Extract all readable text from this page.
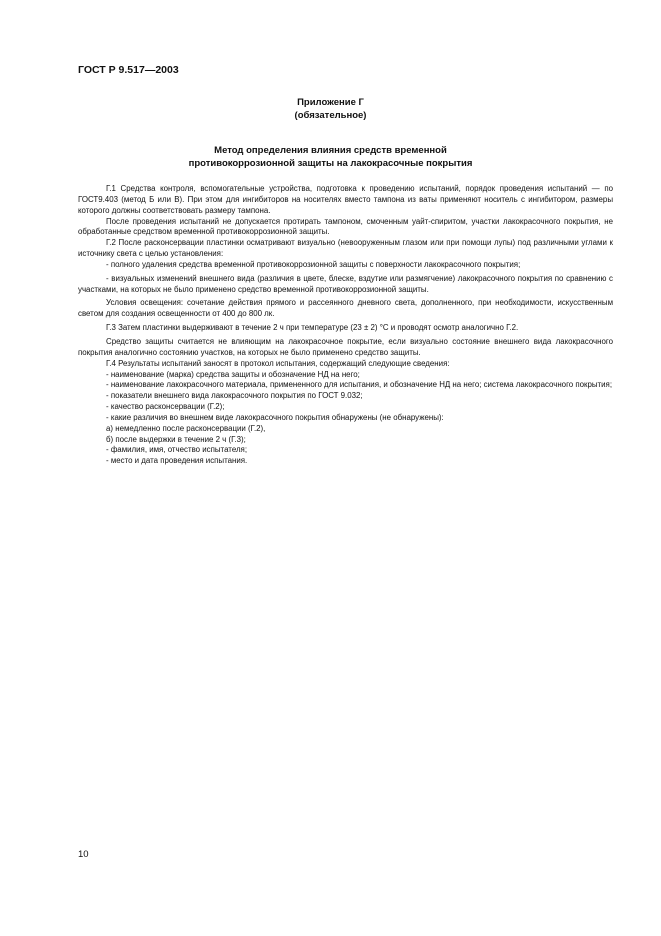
ГОСТ Р 9.517—2003
Приложение Г
(обязательное)
Метод определения влияния средств временной
противокоррозионной защиты на лакокрасочные покрытия

Г.1 Средства контроля, вспомогательные устройства, подготовка к проведению испытаний, порядок проведения испытаний — по ГОСТ9.403 (метод Б или В). При этом для ингибиторов на носителях вместо тампона из ваты применяют носитель с ингибитором, размеры которого должны соответствовать размеру тампона.

После проведения испытаний не допускается протирать тампоном, смоченным уайт-спиритом, участки лакокрасочного покрытия, не обработанные средством временной противокоррозионной защиты.

Г.2 После расконсервации пластинки осматривают визуально (невооруженным глазом или при помощи лупы) под различными углами к источнику света с целью установления:

- полного удаления средства временной противокоррозионной защиты с поверхности лакокрасочного покрытия;

- визуальных изменений внешнего вида (различия в цвете, блеске, вздутие или размягчение) лакокрасочного покрытия по сравнению с участками, на которых не было применено средство временной противокоррозионной защиты.

Условия освещения: сочетание действия прямого и рассеянного дневного света, дополненного, при необходимости, искусственным светом для создания освещенности от 400 до 800 лк.

Г.3 Затем пластинки выдерживают в течение 2 ч при температуре (23 ± 2) °С и проводят осмотр аналогично Г.2.

Средство защиты считается не влияющим на лакокрасочное покрытие, если визуально состояние внешнего вида лакокрасочного покрытия аналогично состоянию участков, на которых не было применено средство защиты.

Г.4 Результаты испытаний заносят в протокол испытания, содержащий следующие сведения:

- наименование (марка) средства защиты и обозначение НД на него;

- наименование лакокрасочного материала, примененного для испытания, и обозначение НД на него; система лакокрасочного покрытия;

- показатели внешнего вида лакокрасочного покрытия по ГОСТ 9.032;

- качество расконсервации (Г.2);

- какие различия во внешнем виде лакокрасочного покрытия обнаружены (не обнаружены):

а) немедленно после расконсервации (Г.2),

б) после выдержки в течение 2 ч (Г.3);

- фамилия, имя, отчество испытателя;

- место и дата проведения испытания.

10
